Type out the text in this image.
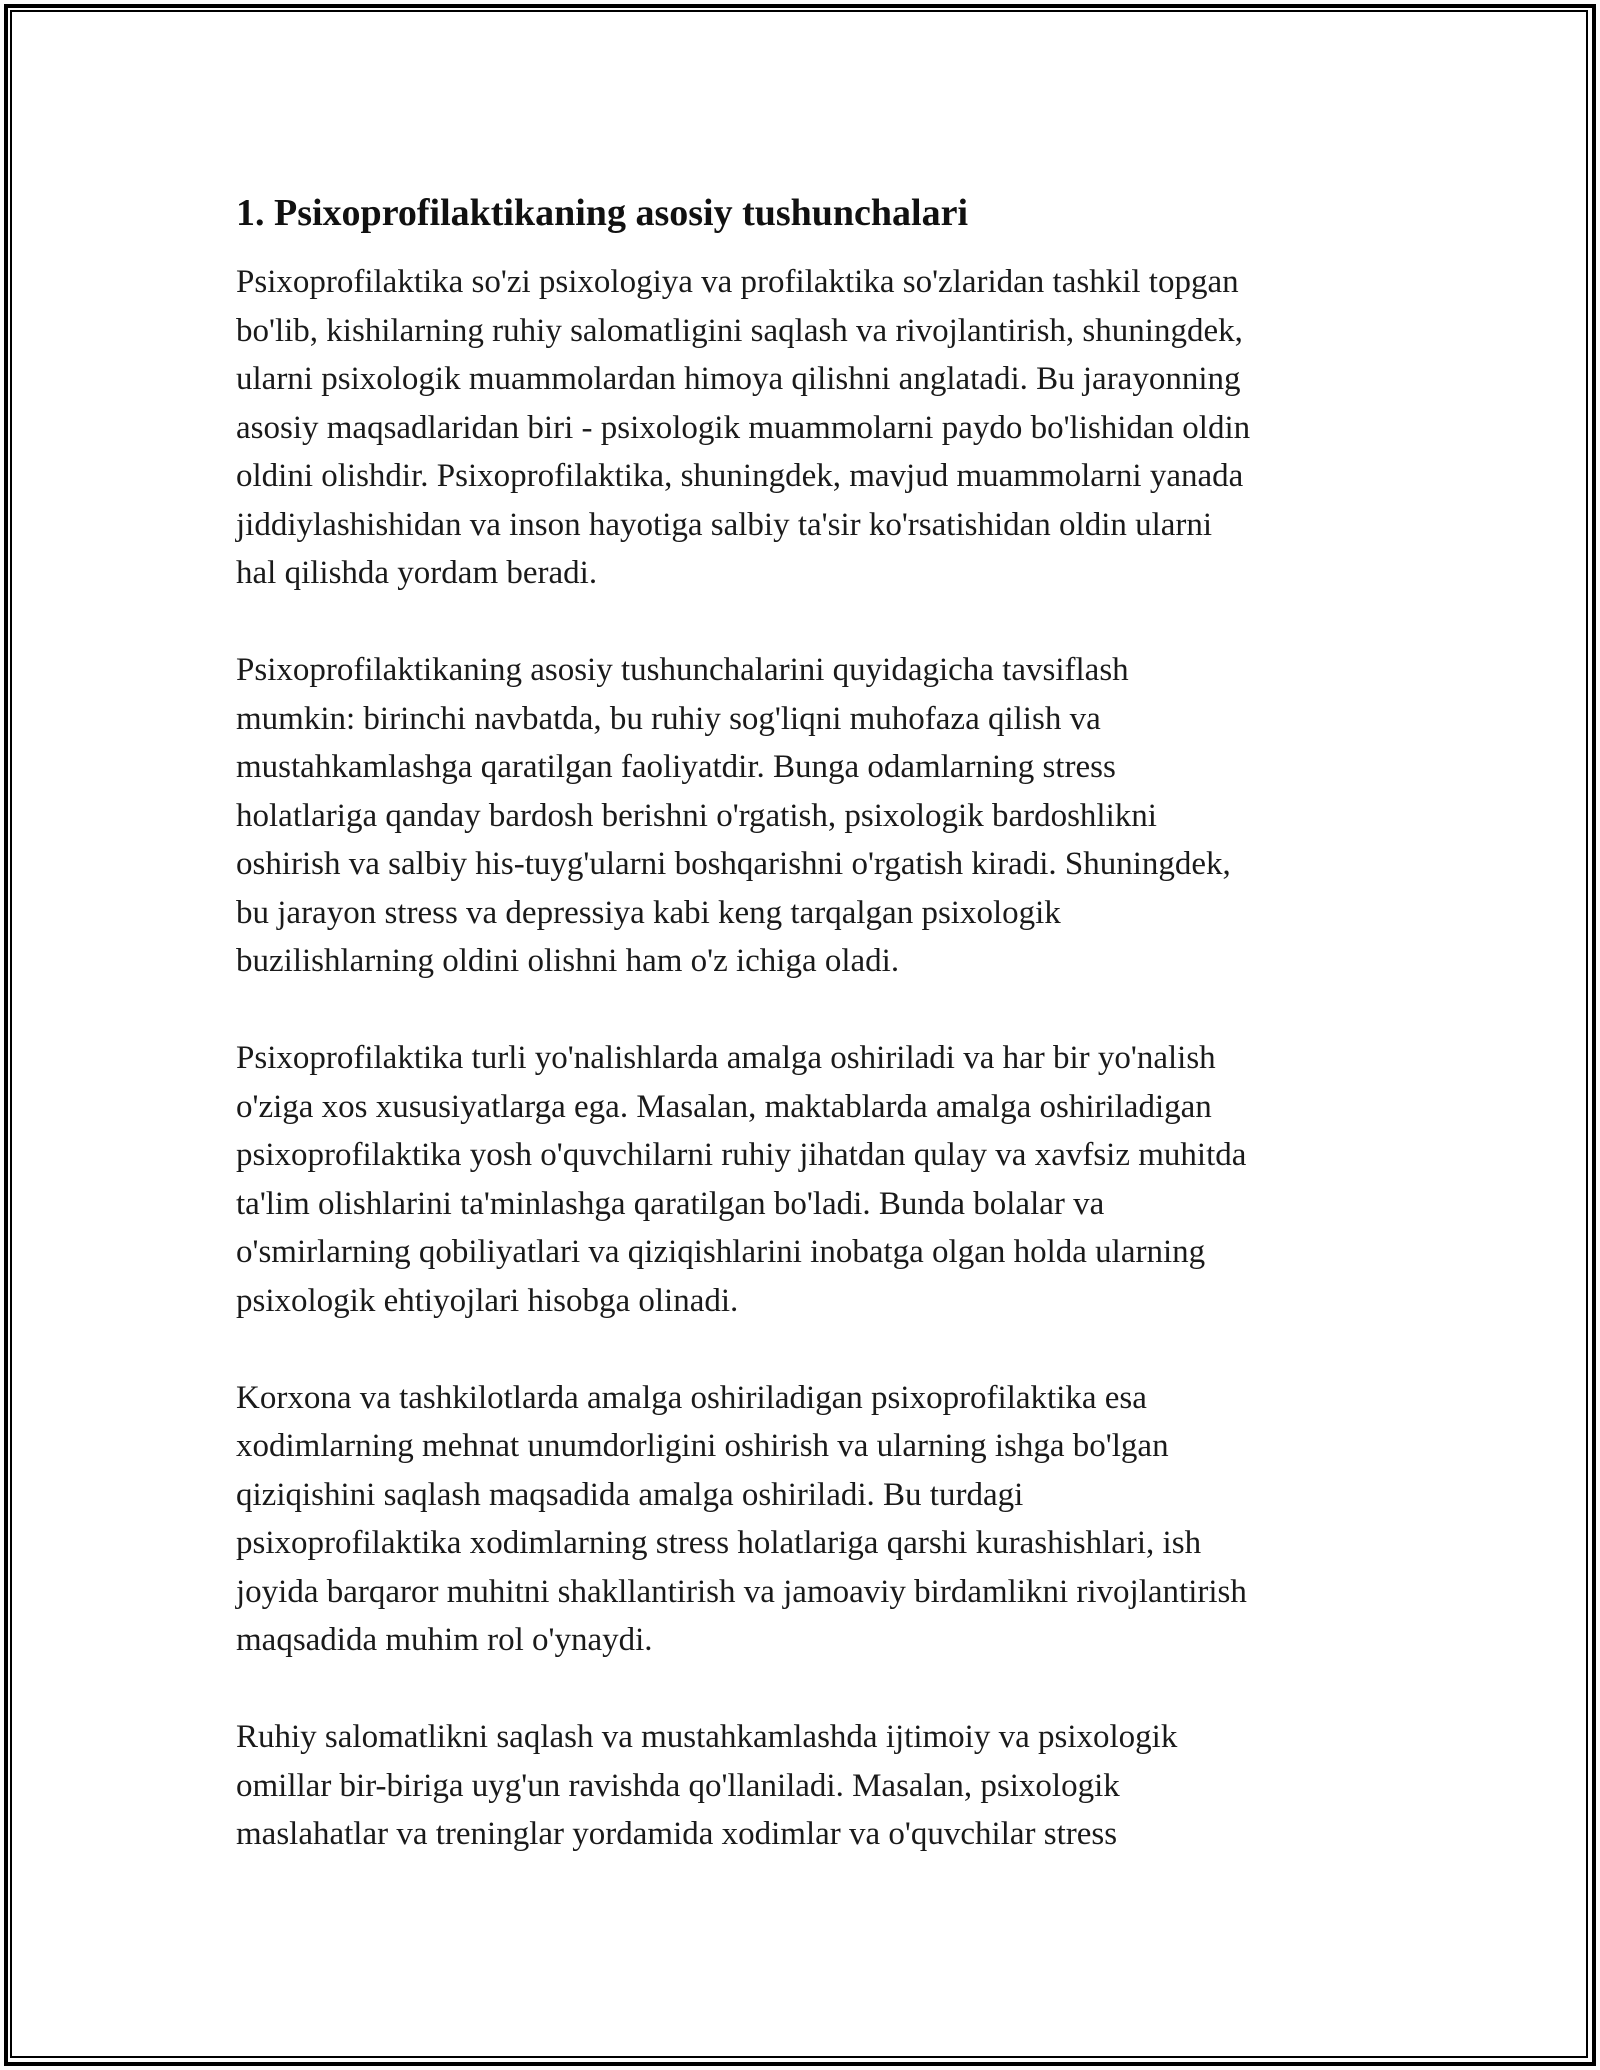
1. Psixoprofilaktikaning asosiy tushunchalari

Psixoprofilaktika so'zi psixologiya va profilaktika so'zlaridan tashkil topgan
bo'lib, kishilarning ruhiy salomatligini saqlash va rivojlantirish, shuningdek,
ularni psixologik muammolardan himoya qilishni anglatadi. Bu jarayonning
asosiy maqsadlaridan biri - psixologik muammolarni paydo bo'lishidan oldin
oldini olishdir. Psixoprofilaktika, shuningdek, mavjud muammolarni yanada
jiddiylashishidan va inson hayotiga salbiy ta'sir ko'rsatishidan oldin ularni
hal qilishda yordam beradi.

Psixoprofilaktikaning asosiy tushunchalarini quyidagicha tavsiflash
mumkin: birinchi navbatda, bu ruhiy sog'liqni muhofaza qilish va
mustahkamlashga qaratilgan faoliyatdir. Bunga odamlarning stress
holatlariga qanday bardosh berishni o'rgatish, psixologik bardoshlikni
oshirish va salbiy his-tuyg'ularni boshqarishni o'rgatish kiradi. Shuningdek,
bu jarayon stress va depressiya kabi keng tarqalgan psixologik
buzilishlarning oldini olishni ham o'z ichiga oladi.

Psixoprofilaktika turli yo'nalishlarda amalga oshiriladi va har bir yo'nalish
o'ziga xos xususiyatlarga ega. Masalan, maktablarda amalga oshiriladigan
psixoprofilaktika yosh o'quvchilarni ruhiy jihatdan qulay va xavfsiz muhitda
ta'lim olishlarini ta'minlashga qaratilgan bo'ladi. Bunda bolalar va
o'smirlarning qobiliyatlari va qiziqishlarini inobatga olgan holda ularning
psixologik ehtiyojlari hisobga olinadi.

Korxona va tashkilotlarda amalga oshiriladigan psixoprofilaktika esa
xodimlarning mehnat unumdorligini oshirish va ularning ishga bo'lgan
qiziqishini saqlash maqsadida amalga oshiriladi. Bu turdagi
psixoprofilaktika xodimlarning stress holatlariga qarshi kurashishlari, ish
joyida barqaror muhitni shakllantirish va jamoaviy birdamlikni rivojlantirish
maqsadida muhim rol o'ynaydi.

Ruhiy salomatlikni saqlash va mustahkamlashda ijtimoiy va psixologik
omillar bir-biriga uyg'un ravishda qo'llaniladi. Masalan, psixologik
maslahatlar va treninglar yordamida xodimlar va o'quvchilar stress
